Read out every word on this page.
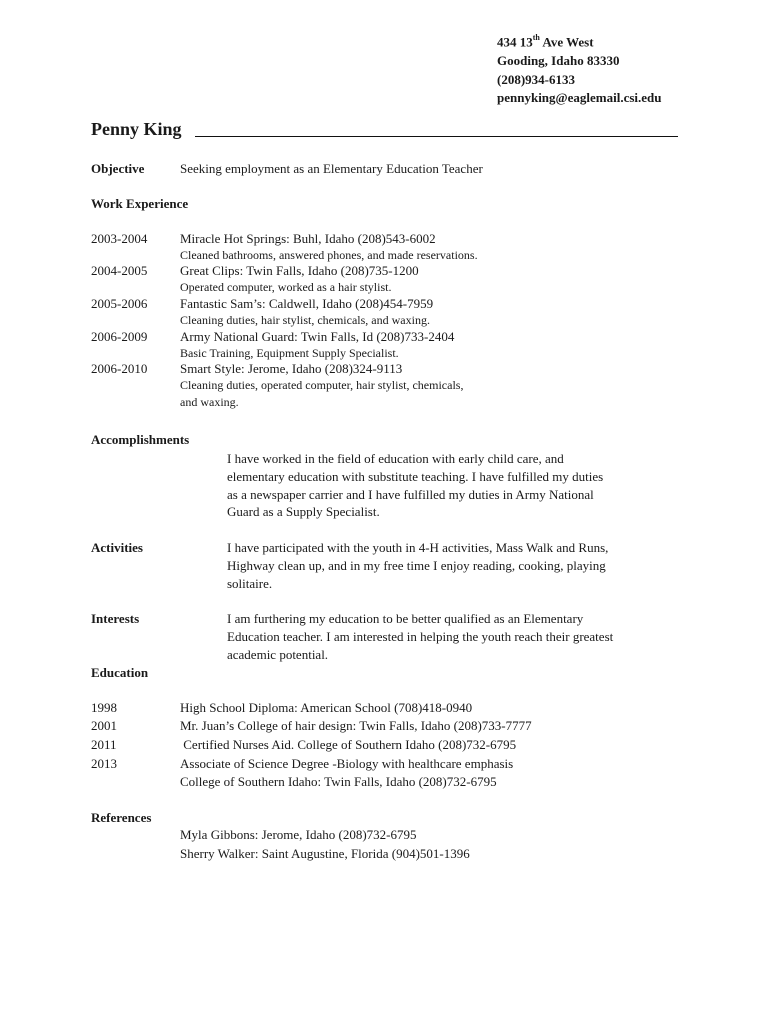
434 13th Ave West
Gooding, Idaho 83330
(208)934-6133
pennyking@eaglemail.csi.edu
Penny King
Objective	Seeking employment as an Elementary Education Teacher
Work Experience
2003-2004	Miracle Hot Springs: Buhl, Idaho (208)543-6002
Cleaned bathrooms, answered phones, and made reservations.
2004-2005	Great Clips: Twin Falls, Idaho (208)735-1200
Operated computer, worked as a hair stylist.
2005-2006	Fantastic Sam’s: Caldwell, Idaho (208)454-7959
Cleaning duties, hair stylist, chemicals, and waxing.
2006-2009	Army National Guard: Twin Falls, Id (208)733-2404
Basic Training, Equipment Supply Specialist.
2006-2010	Smart Style: Jerome, Idaho (208)324-9113
Cleaning duties, operated computer, hair stylist, chemicals,
and waxing.
Accomplishments
I have worked in the field of education with early child care, and
elementary education with substitute teaching. I have fulfilled my duties
as a newspaper carrier and I have fulfilled my duties in Army National
Guard as a Supply Specialist.
Activities	I have participated with the youth in 4-H activities, Mass Walk and Runs,
Highway clean up, and in my free time I enjoy reading, cooking, playing
solitaire.
Interests	I am furthering my education to be better qualified as an Elementary
Education teacher. I am interested in helping the youth reach their greatest
academic potential.
Education
1998	High School Diploma: American School (708)418-0940
2001	Mr. Juan’s College of hair design: Twin Falls, Idaho (208)733-7777
2011	Certified Nurses Aid. College of Southern Idaho (208)732-6795
2013	Associate of Science Degree -Biology with healthcare emphasis
College of Southern Idaho: Twin Falls, Idaho (208)732-6795
References
Myla Gibbons: Jerome, Idaho (208)732-6795
Sherry Walker: Saint Augustine, Florida (904)501-1396
